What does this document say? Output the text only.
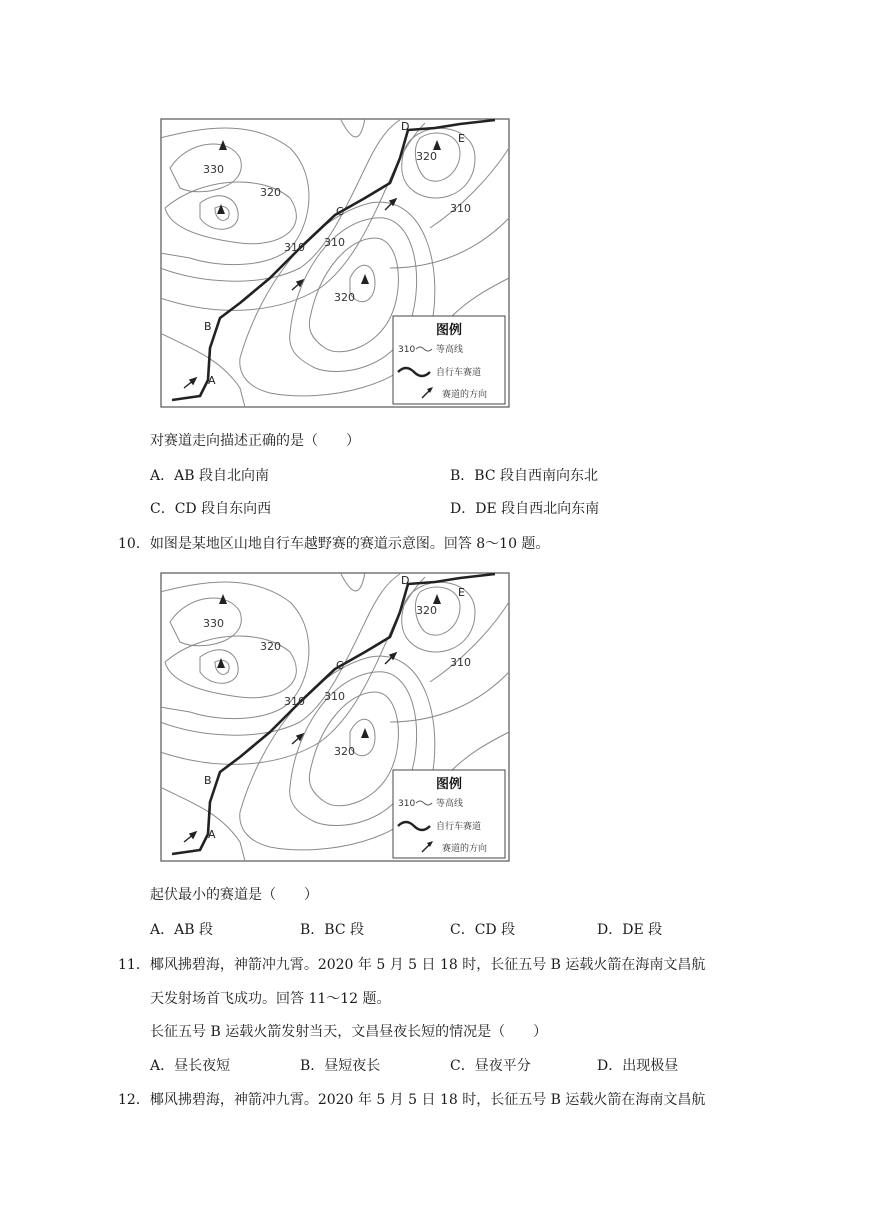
330
320
310 310
320
320
310
A
B
C
D
E
图例
310 等高线
自行车赛道
赛道的方向
对赛道走向描述正确的是（　　）
A．AB 段自北向南	B．BC 段自西南向东北
C．CD 段自东向西	D．DE 段自西北向东南
10．如图是某地区山地自行车越野赛的赛道示意图。回答 8～10 题。
330
320
310 310
320
320
310
A
B
C
D
E
图例
310 等高线
自行车赛道
赛道的方向
起伏最小的赛道是（　　）
A．AB 段	B．BC 段	C．CD 段	D．DE 段
11．椰风拂碧海，神箭冲九霄。2020 年 5 月 5 日 18 时，长征五号 B 运载火箭在海南文昌航
天发射场首飞成功。回答 11～12 题。
长征五号 B 运载火箭发射当天，文昌昼夜长短的情况是（　　）
A．昼长夜短	B．昼短夜长	C．昼夜平分	D．出现极昼
12．椰风拂碧海，神箭冲九霄。2020 年 5 月 5 日 18 时，长征五号 B 运载火箭在海南文昌航
